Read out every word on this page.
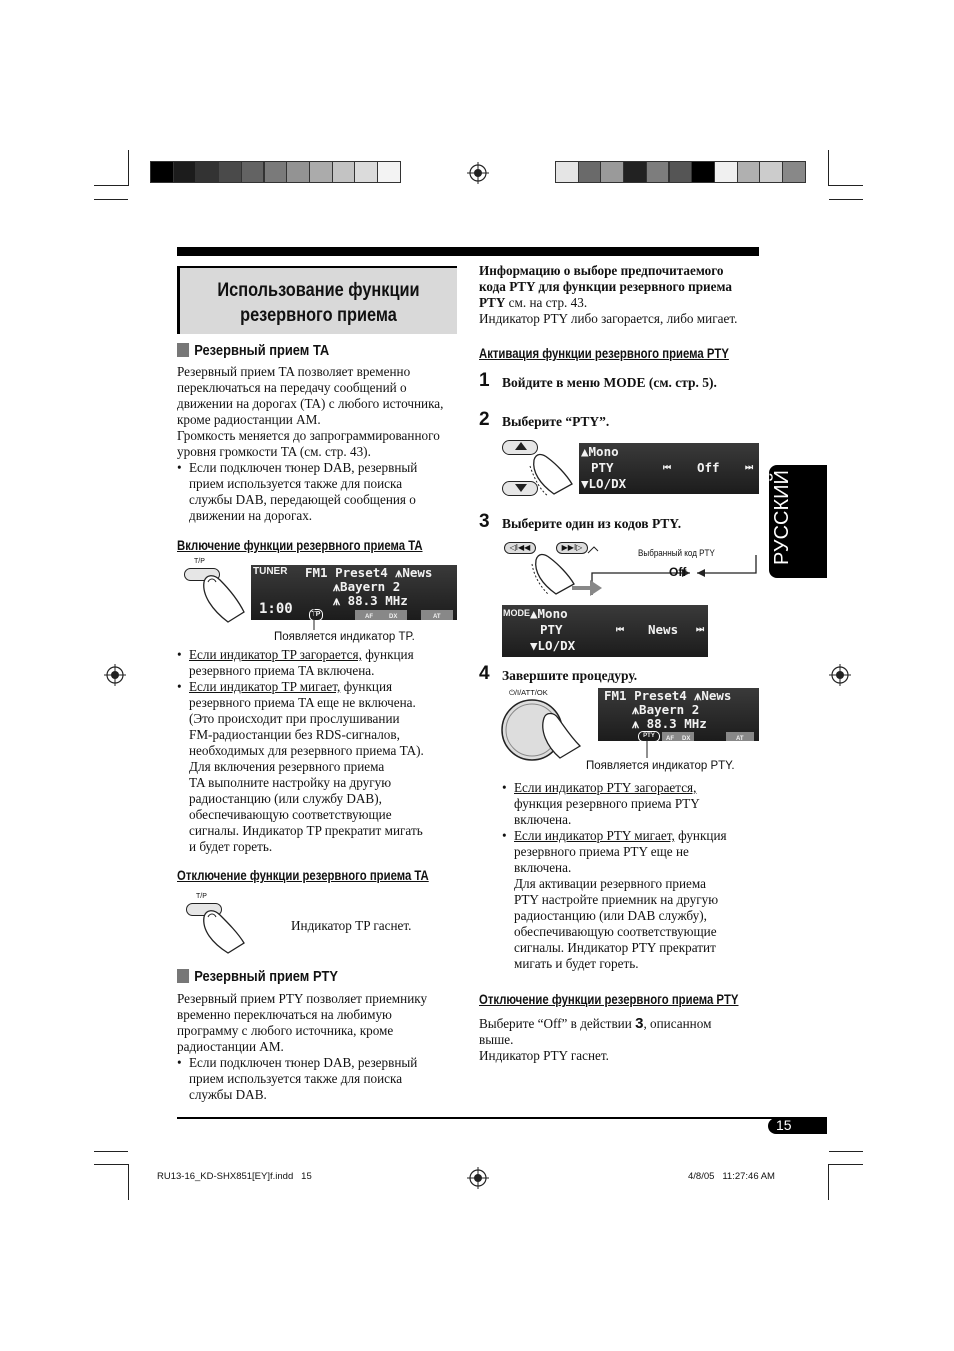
Использование функции
резервного приема
РУССКИЙ
Резервный прием TA
Резервный прием TA позволяет временно
переключаться на передачу сообщений о
движении на дорогах (TA) с любого источника,
кроме радиостанции AM.
Громкость меняется до запрограммированного
уровня громкости TA (см. стр. 43).
• Если подключен тюнер DAB, резервный
прием используется также для поиска
службы DAB, передающей сообщения о
движении на дорогах.
Включение функции резервного приема TA
T/P
TUNER FM1 Preset4 ⩚News
⩚Bayern 2
⩚ 88.3 MHz
1:00	TP	AF	DX	AT
Появляется индикатор TP.
• Если индикатор TP загорается, функция
резервного приема TA включена.
• Если индикатор TP мигает, функция
резервного приема TA еще не включена.
(Это происходит при прослушивании
FM-радиостанции без RDS-сигналов,
необходимых для резервного приема TA).
Для включения резервного приема
TA выполните настройку на другую
радиостанцию (или службу DAB),
обеспечивающую соответствующие
сигналы. Индикатор TP прекратит мигать
и будет гореть.
Отключение функции резервного приема TA
T/P
Индикатор TP гаснет.
Резервный прием PTY
Резервный прием PTY позволяет приемнику
временно переключаться на любимую
программу с любого источника, кроме
радиостанции AM.
• Если подключен тюнер DAB, резервный
прием используется также для поиска
службы DAB.
Информацию о выборе предпочитаемого
кода PTY для функции резервного приема
PTY см. на стр. 43.
Индикатор PTY либо загорается, либо мигает.
Активация функции резервного приема PTY
1 Войдите в меню MODE (см. стр. 5).
2 Выберите “PTY”.
▲Mono
PTY
▼LO/DX
⏮ Off	⏭
3 Выберите один из кодов PTY.
◁I◀◀	▶▶I▷
Выбранный код PTY
Off
MODE ▲Mono
PTY
▼LO/DX
⏮ News ⏭
4 Завершите процедуру.
⏻/I/ATT/OK	FM1 Preset4 ⩚News
⩚Bayern 2
⩚ 88.3 MHz
PTY	AF	DX	AT
Появляется индикатор PTY.
• Если индикатор PTY загорается,
функция резервного приема PTY
включена.
• Если индикатор PTY мигает, функция
резервного приема PTY еще не
включена.
Для активации резервного приема
PTY настройте приемник на другую
радиостанцию (или DAB службу),
обеспечивающую соответствующие
сигналы. Индикатор PTY прекратит
мигать и будет гореть.
Отключение функции резервного приема PTY
Выберите “Off” в действии 3, описанном
выше.
Индикатор PTY гаснет.
15
RU13-16_KD-SHX851[EY]f.indd   15	4/8/05   11:27:46 AM
